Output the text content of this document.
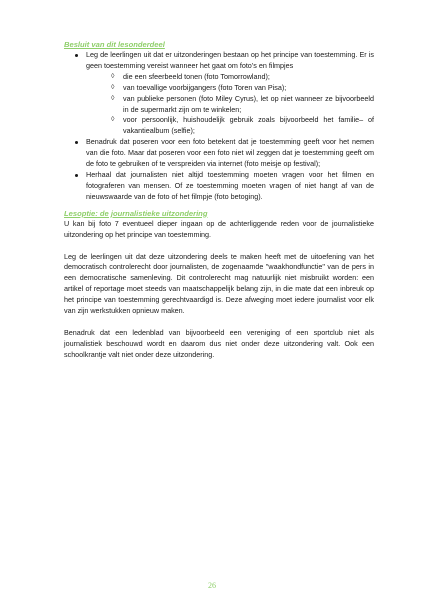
Besluit van dit lesonderdeel

Leg de leerlingen uit dat er uitzonderingen bestaan op het principe van toestemming. Er is geen toestemming vereist wanneer het gaat om foto’s en filmpjes

◊ die een sfeerbeeld tonen (foto Tomorrowland);

◊ van toevallige voorbijgangers (foto Toren van Pisa);

◊ van publieke personen (foto Miley Cyrus), let op niet wanneer ze bijvoorbeeld in de supermarkt zijn om te winkelen;

◊ voor persoonlijk, huishoudelijk gebruik zoals bijvoorbeeld het familie– of vakantiealbum (selfie);

Benadruk dat poseren voor een foto betekent dat je toestemming geeft voor het nemen van die foto. Maar dat poseren voor een foto niet wil zeggen dat je toestemming geeft om de foto te gebruiken of te verspreiden via internet (foto meisje op festival);

Herhaal dat journalisten niet altijd toestemming moeten vragen voor het filmen en fotograferen van mensen. Of ze toestemming moeten vragen of niet hangt af van de nieuwswaarde van de foto of het filmpje (foto betoging).

Lesoptie: de journalistieke uitzondering

U kan bij foto 7 eventueel dieper ingaan op de achterliggende reden voor de journalistieke uitzondering op het principe van toestemming.

Leg de leerlingen uit dat deze uitzondering deels te maken heeft met de uitoefening van het democratisch controlerecht door journalisten, de zogenaamde "waakhondfunctie" van de pers in een democratische samenleving. Dit controlerecht mag natuurlijk niet misbruikt worden: een artikel of reportage moet steeds van maatschappelijk belang zijn, in die mate dat een inbreuk op het principe van toestemming gerechtvaardigd is. Deze afweging moet iedere journalist voor elk van zijn werkstukken opnieuw maken.

Benadruk dat een ledenblad van bijvoorbeeld een vereniging of een sportclub niet als journalistiek beschouwd wordt en daarom dus niet onder deze uitzondering valt. Ook een schoolkrantje valt niet onder deze uitzondering.

26
